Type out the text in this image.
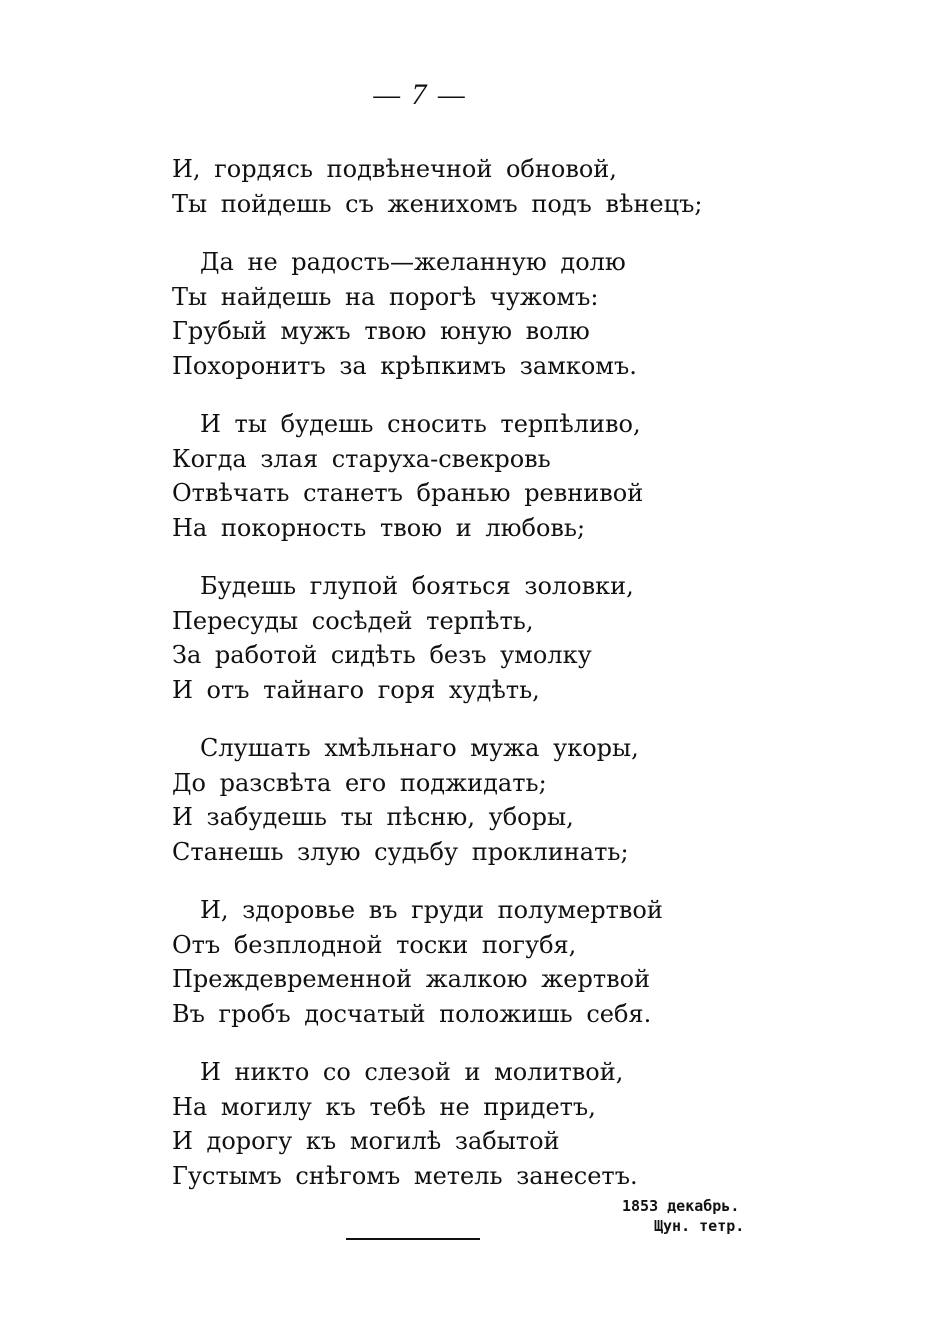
— 7 —
И, гордясь подвѣнечной обновой,
Ты пойдешь съ женихомъ подъ вѣнецъ;
Да не радость—желанную долю
Ты найдешь на порогѣ чужомъ:
Грубый мужъ твою юную волю
Похоронитъ за крѣпкимъ замкомъ.
И ты будешь сносить терпѣливо,
Когда злая старуха-свекровь
Отвѣчать станетъ бранью ревнивой
На покорность твою и любовь;
Будешь глупой бояться золовки,
Пересуды сосѣдей терпѣть,
За работой сидѣть безъ умолку
И отъ тайнаго горя худѣть,
Слушать хмѣльнаго мужа укоры,
До разсвѣта его поджидать;
И забудешь ты пѣсню, уборы,
Станешь злую судьбу проклинать;
И, здоровье въ груди полумертвой
Отъ безплодной тоски погубя,
Преждевременной жалкою жертвой
Въ гробъ досчатый положишь себя.
И никто со слезой и молитвой,
На могилу къ тебѣ не придетъ,
И дорогу къ могилѣ забытой
Густымъ снѣгомъ метель занесетъ.
1853 декабрь.
Щун. тетр.
